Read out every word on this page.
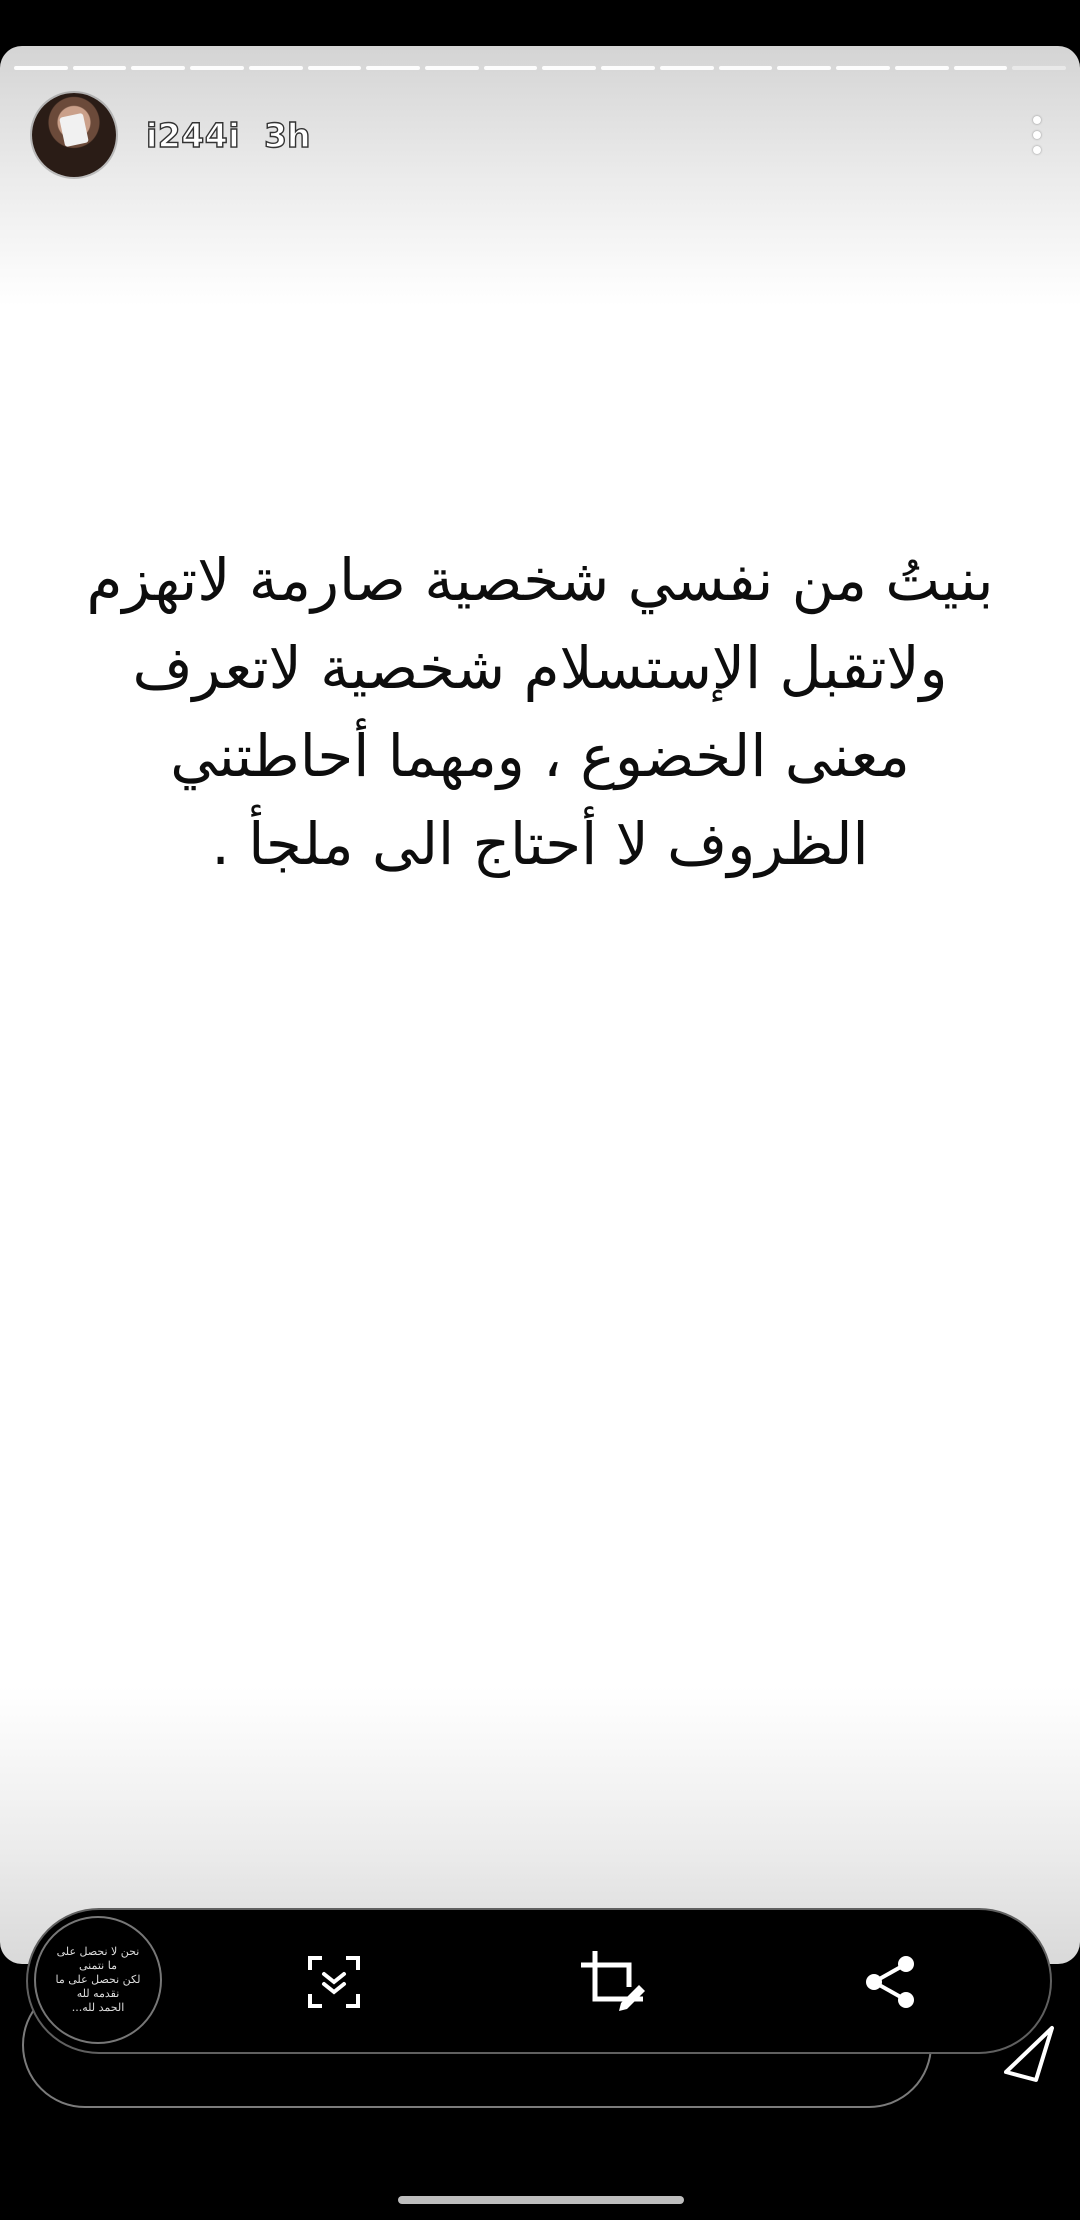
i244i 3h
بنيتُ من نفسي شخصية صارمة لاتهزم
ولاتقبل الإستسلام شخصية لاتعرف
معنى الخضوع ، ومهما أحاطتني
الظروف لا أحتاج الى ملجأ .
نحن لا نحصل على ما نتمنى
لكن نحصل على ما نقدمه لله
الحمد لله...
